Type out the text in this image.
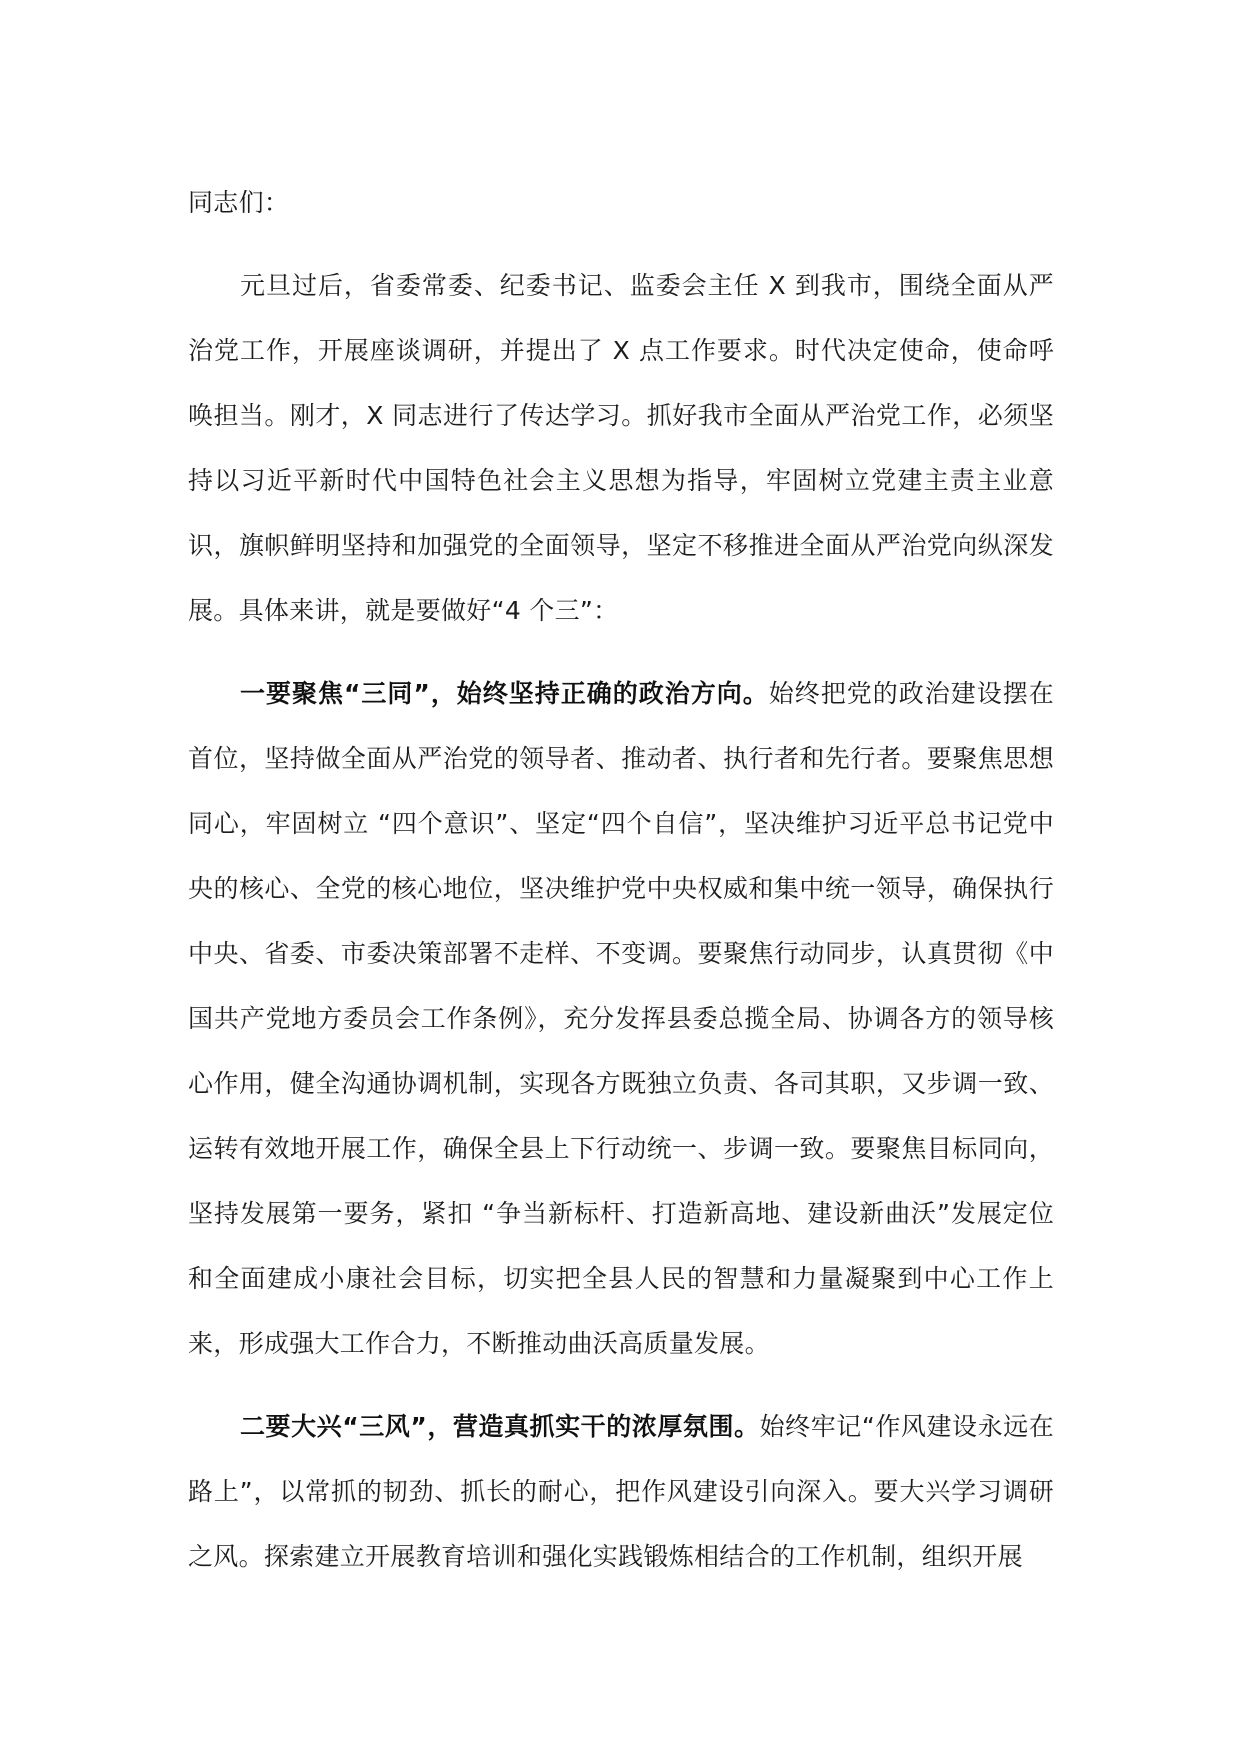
同志们：

元旦过后，省委常委、纪委书记、监委会主任 X 到我市，围绕全面从严治党工作，开展座谈调研，并提出了 X 点工作要求。时代决定使命，使命呼唤担当。刚才，X 同志进行了传达学习。抓好我市全面从严治党工作，必须坚持以习近平新时代中国特色社会主义思想为指导，牢固树立党建主责主业意识，旗帜鲜明坚持和加强党的全面领导，坚定不移推进全面从严治党向纵深发展。具体来讲，就是要做好“4 个三”：

一要聚焦“三同”，始终坚持正确的政治方向。始终把党的政治建设摆在首位，坚持做全面从严治党的领导者、推动者、执行者和先行者。要聚焦思想同心，牢固树立 “四个意识”、坚定“四个自信”，坚决维护习近平总书记党中央的核心、全党的核心地位，坚决维护党中央权威和集中统一领导，确保执行中央、省委、市委决策部署不走样、不变调。要聚焦行动同步，认真贯彻《中国共产党地方委员会工作条例》，充分发挥县委总揽全局、协调各方的领导核心作用，健全沟通协调机制，实现各方既独立负责、各司其职，又步调一致、运转有效地开展工作，确保全县上下行动统一、步调一致。要聚焦目标同向，坚持发展第一要务，紧扣 “争当新标杆、打造新高地、建设新曲沃”发展定位和全面建成小康社会目标，切实把全县人民的智慧和力量凝聚到中心工作上来，形成强大工作合力，不断推动曲沃高质量发展。

二要大兴“三风”，营造真抓实干的浓厚氛围。始终牢记“作风建设永远在路上”，以常抓的韧劲、抓长的耐心，把作风建设引向深入。要大兴学习调研之风。探索建立开展教育培训和强化实践锻炼相结合的工作机制，组织开展
